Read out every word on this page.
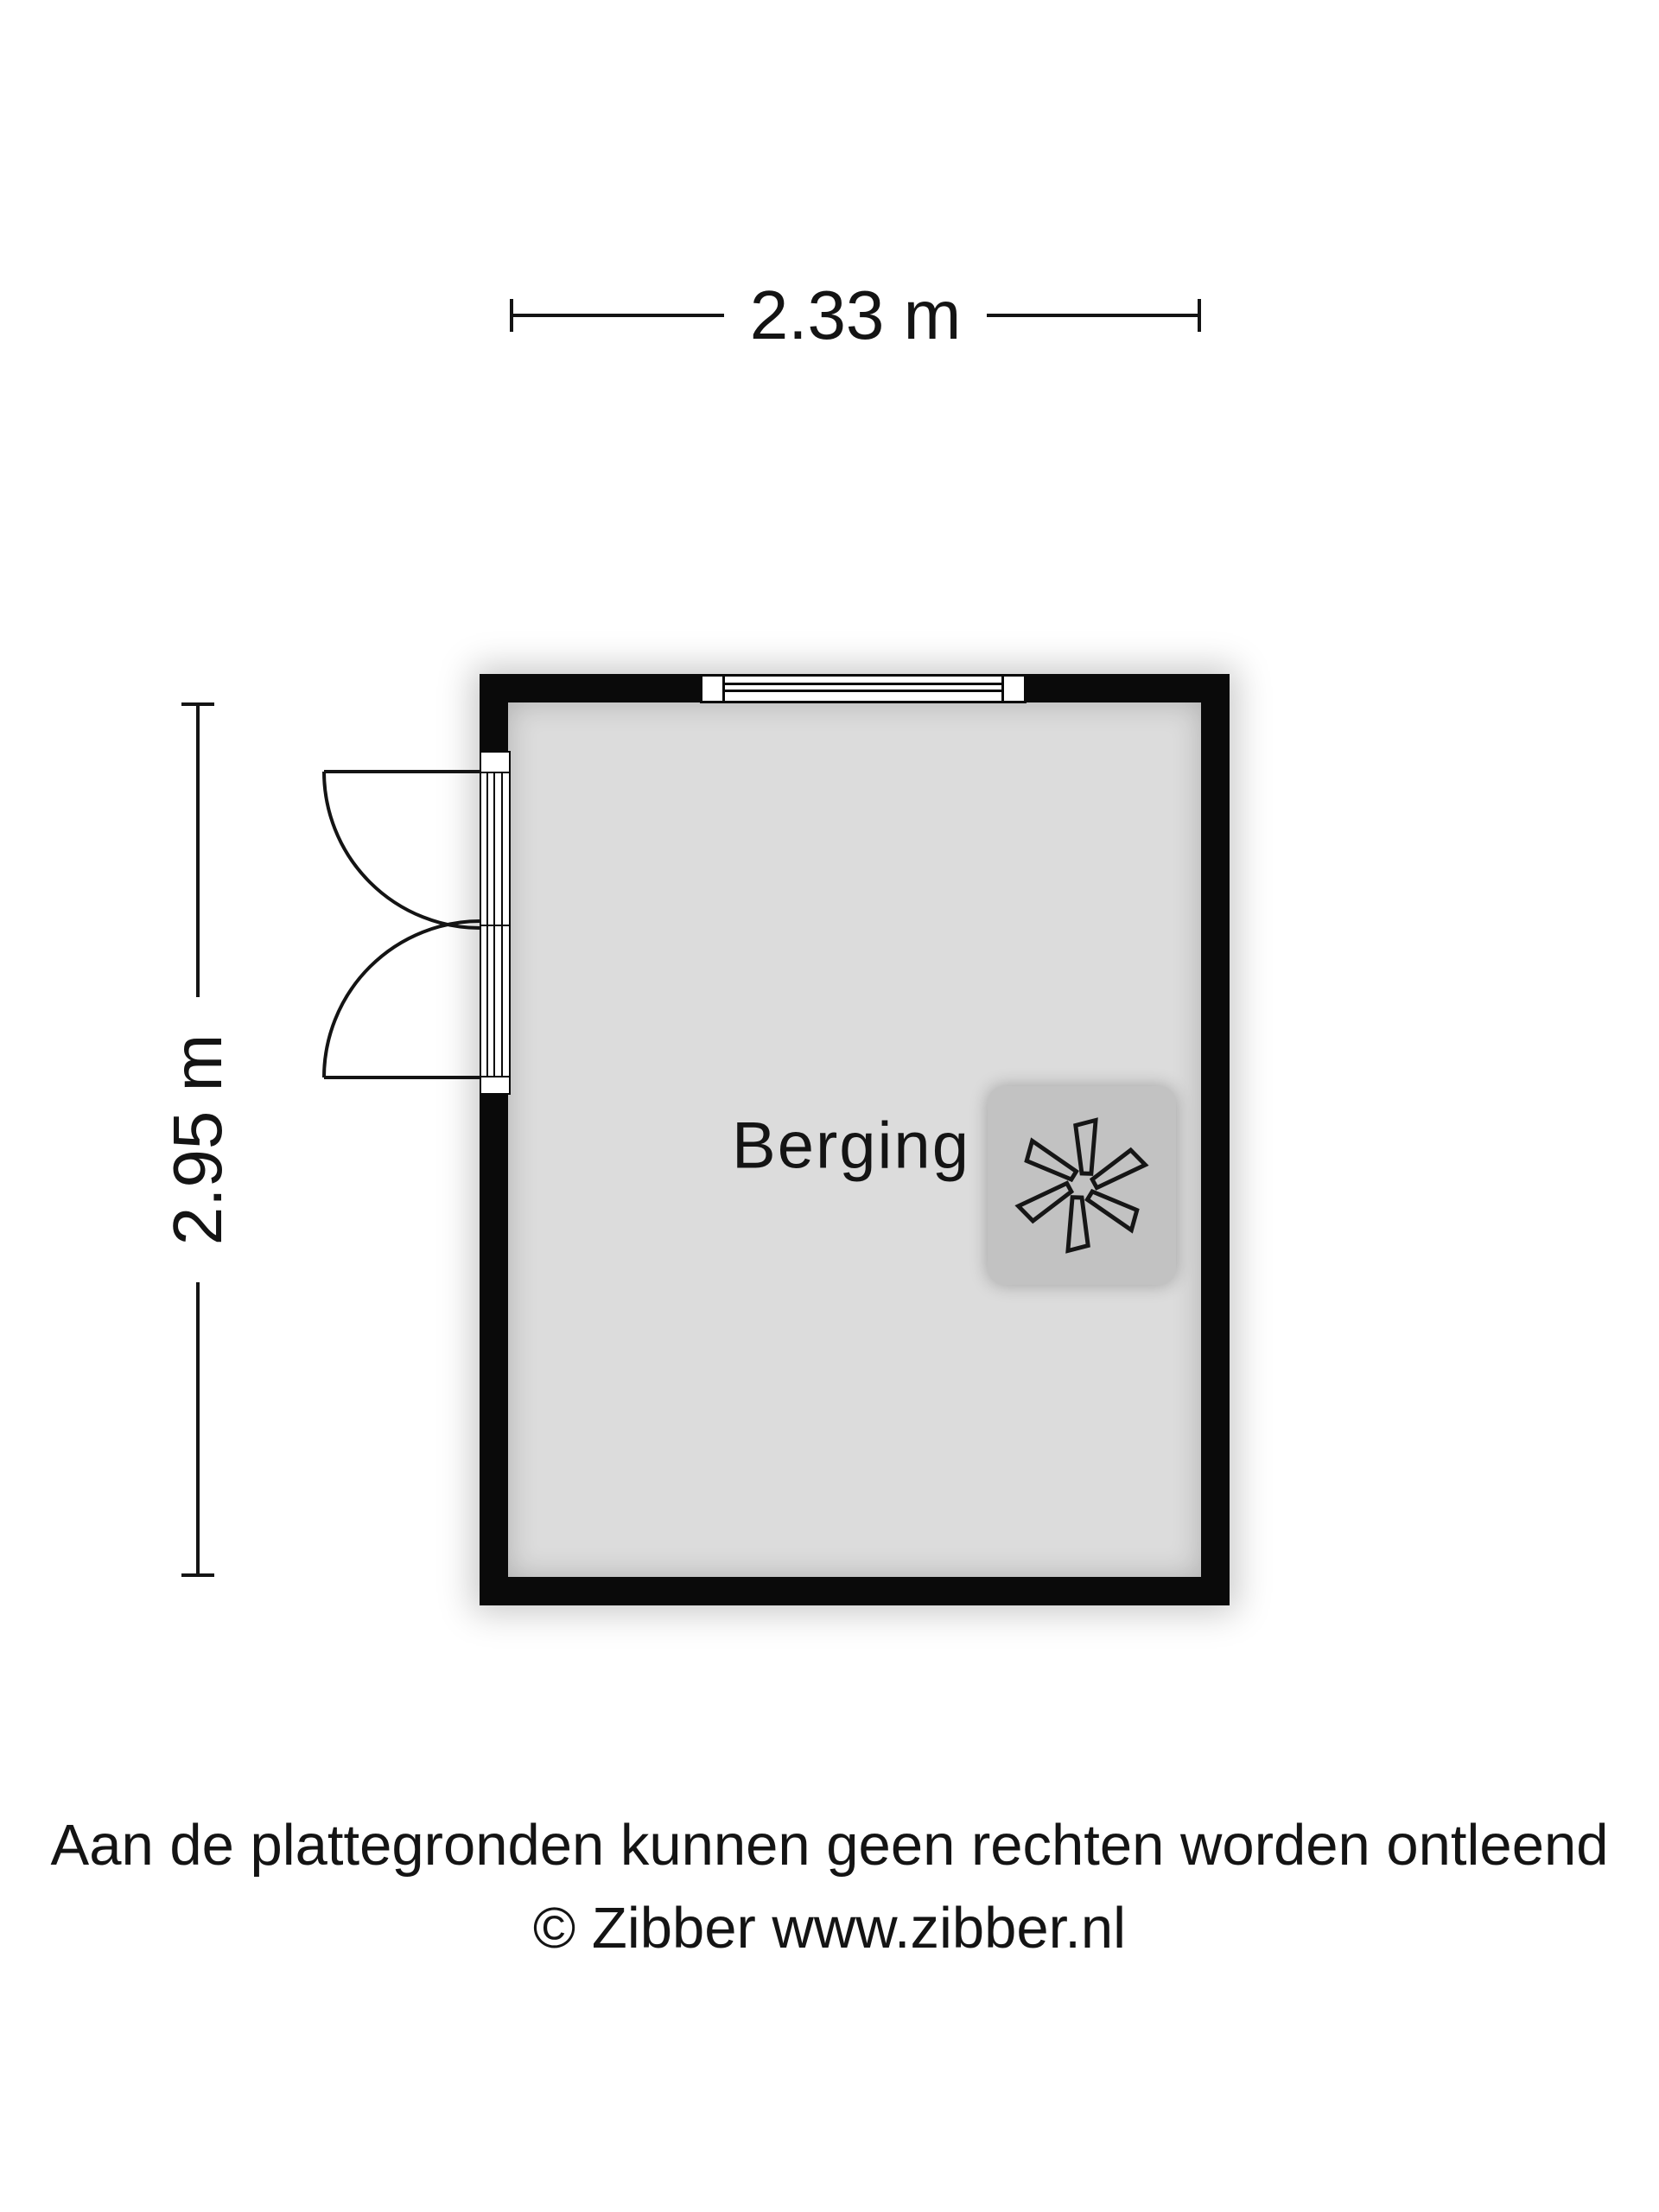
2.33 m
2.95 m	Berging
Aan de plattegronden kunnen geen rechten worden ontleend
© Zibber www.zibber.nl
